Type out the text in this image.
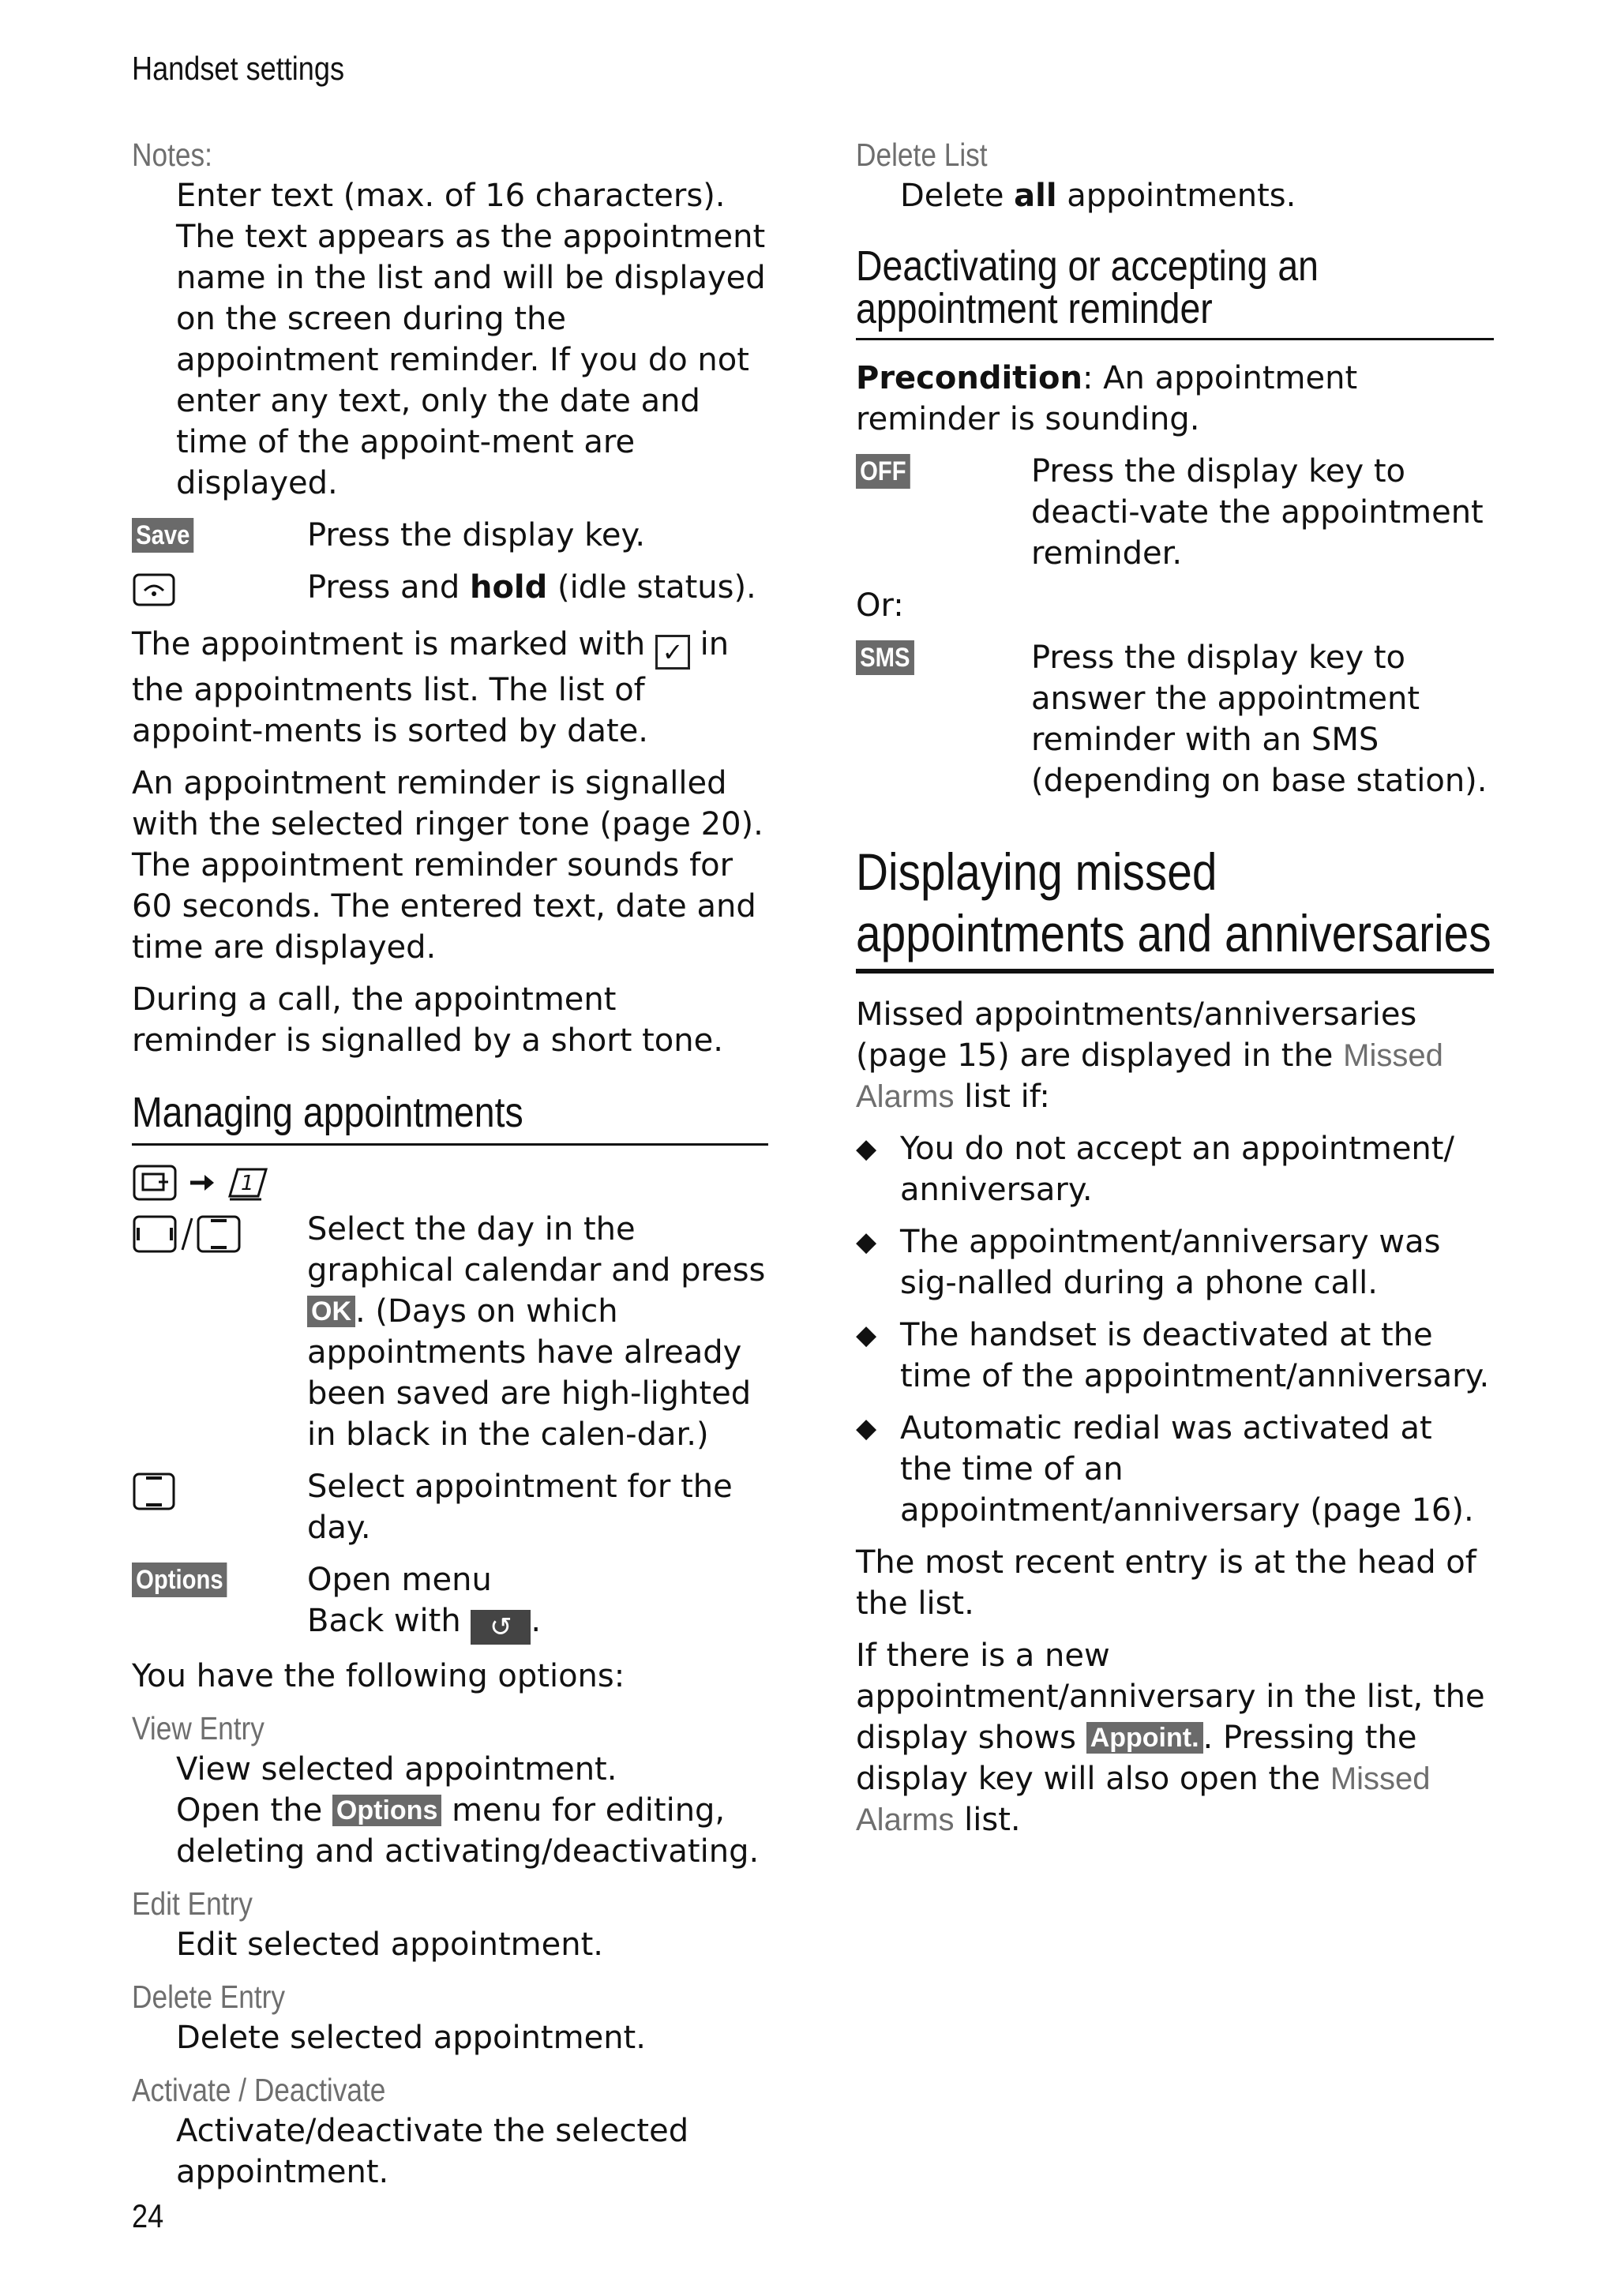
Handset settings
Notes:

Enter text (max. of 16 characters). The text appears as the appointment name in the list and will be displayed on the screen during the appointment reminder. If you do not enter any text, only the date and time of the appoint-ment are displayed.

Save	Press the display key.
Press and hold (idle status).

The appointment is marked with ✓ in the appointments list. The list of appoint-ments is sorted by date.

An appointment reminder is signalled with the selected ringer tone (page 20). The appointment reminder sounds for 60 seconds. The entered text, date and time are displayed.

During a call, the appointment reminder is signalled by a short tone.

Managing appointments
1
Select the day in the graphical calendar and press OK . (Days on which appointments have already been saved are high-lighted in black in the calen-dar.)
Select appointment for the day.
Options	Open menu
Back with ↺ .

You have the following options:

View Entry

View selected appointment.

Open the Options menu for editing, deleting and activating/deactivating.

Edit Entry

Edit selected appointment.

Delete Entry

Delete selected appointment.

Activate / Deactivate

Activate/deactivate the selected appointment.

Delete List

Delete all appointments.

Deactivating or accepting an
appointment reminder

Precondition: An appointment reminder is sounding.

OFF	Press the display key to deacti-vate the appointment reminder.

Or:

SMS	Press the display key to answer the appointment reminder with an SMS (depending on base station).
Displaying missed
appointments and anniversaries

Missed appointments/anniversaries (page 15) are displayed in the Missed Alarms list if:

◆ You do not accept an appointment/ anniversary.
◆ The appointment/anniversary was sig-nalled during a phone call.
◆ The handset is deactivated at the time of the appointment/anniversary.
◆ Automatic redial was activated at the time of an appointment/anniversary (page 16).

The most recent entry is at the head of the list.

If there is a new appointment/anniversary in the list, the display shows Appoint. . Pressing the display key will also open the Missed Alarms list.

24
